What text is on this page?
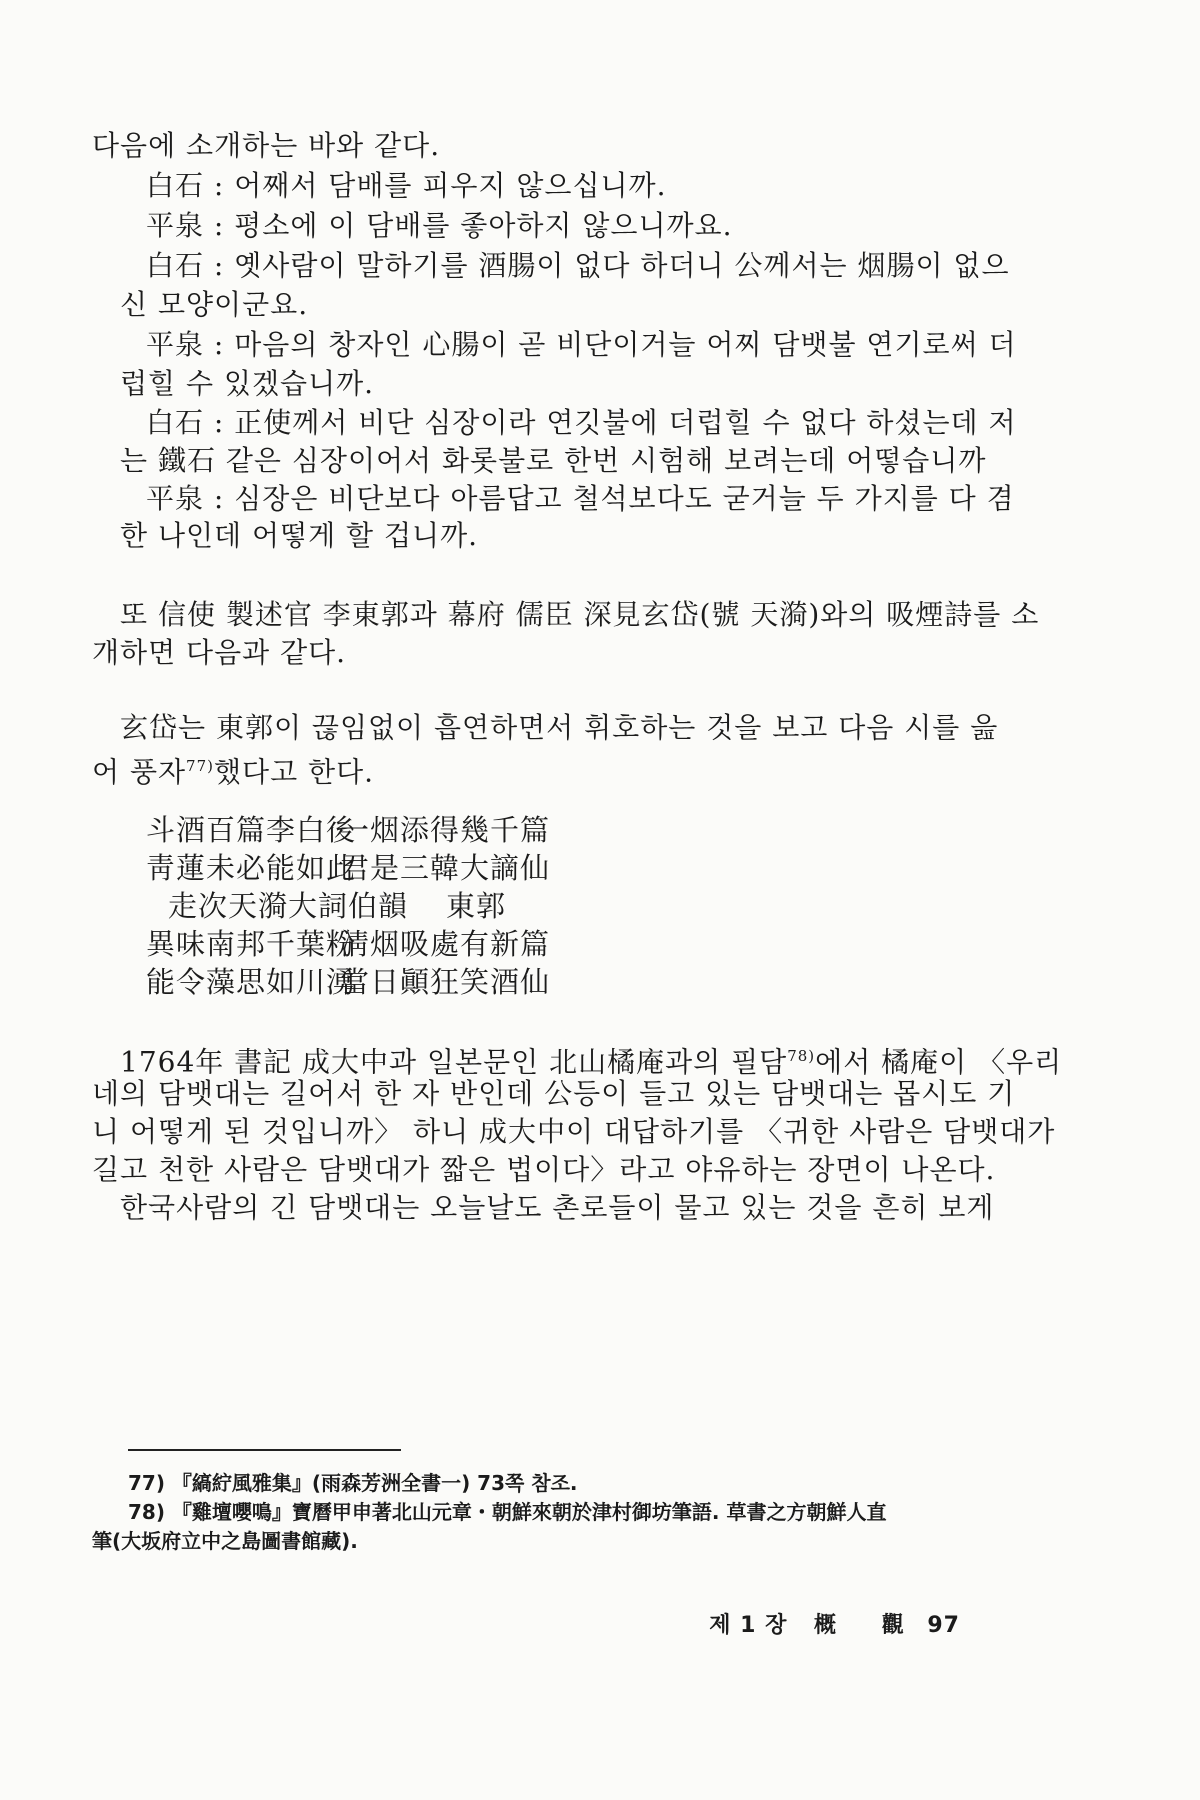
다음에 소개하는 바와 같다.
白石 : 어째서 담배를 피우지 않으십니까.
平泉 : 평소에 이 담배를 좋아하지 않으니까요.
白石 : 옛사람이 말하기를 酒腸이 없다 하더니 公께서는 烟腸이 없으
신 모양이군요.
平泉 : 마음의 창자인 心腸이 곧 비단이거늘 어찌 담뱃불 연기로써 더
럽힐 수 있겠습니까.
白石 : 正使께서 비단 심장이라 연깃불에 더럽힐 수 없다 하셨는데 저
는 鐵石 같은 심장이어서 화롯불로 한번 시험해 보려는데 어떻습니까
平泉 : 심장은 비단보다 아름답고 철석보다도 굳거늘 두 가지를 다 겸
한 나인데 어떻게 할 겁니까.
또 信使 製述官 李東郭과 幕府 儒臣 深見玄岱(號 天漪)와의 吸煙詩를 소
개하면 다음과 같다.
玄岱는 東郭이 끊임없이 흡연하면서 휘호하는 것을 보고 다음 시를 읊
어 풍자$^{77)}$했다고 한다.
斗酒百篇李白後
一烟添得幾千篇
靑蓮未必能如此
君是三韓大謫仙
走次天漪大詞伯韻 東郭
異味南邦千葉粉
淸烟吸處有新篇
能令藻思如川湧
當日顚狂笑酒仙
1764年 書記 成大中과 일본문인 北山橘庵과의 필담$^{78)}$에서 橘庵이 〈우리
네의 담뱃대는 길어서 한 자 반인데 公등이 들고 있는 담뱃대는 몹시도 기
니 어떻게 된 것입니까〉 하니 成大中이 대답하기를 〈귀한 사람은 담뱃대가
길고 천한 사람은 담뱃대가 짧은 법이다〉라고 야유하는 장면이 나온다.
한국사람의 긴 담뱃대는 오늘날도 촌로들이 물고 있는 것을 흔히 보게
77) 『縞紵風雅集』(雨森芳洲全書一) 73쪽 참조.
78) 『雞壇嚶鳴』寶曆甲申著北山元章・朝鮮來朝於津村御坊筆語. 草書之方朝鮮人直
筆(大坂府立中之島圖書館藏).
제 1 장 概 觀 97
